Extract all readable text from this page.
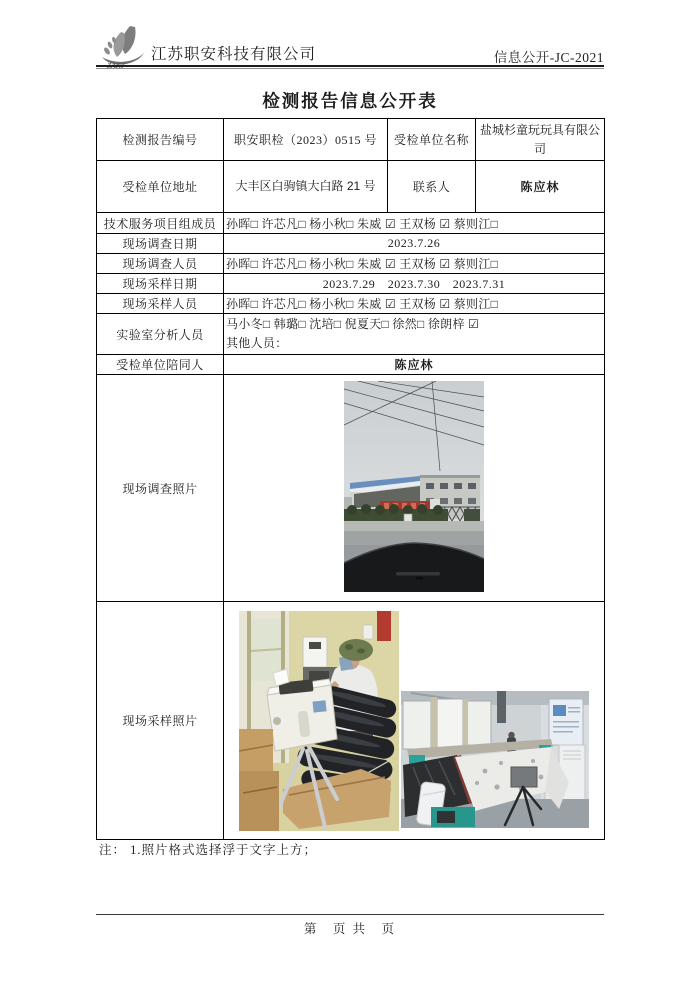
ZAKJ
江苏职安科技有限公司	信息公开-JC-2021
检测报告信息公开表
检测报告编号	职安职检（2023）0515 号	受检单位名称	盐城杉童玩玩具有限公司
受检单位地址	大丰区白驹镇大白路 21 号	联系人	陈应林
技术服务项目组成员	孙晖□ 许芯凡□ 杨小秋□ 朱威 ☑ 王双杨 ☑ 蔡则江□		
现场调查日期	2023.7.26		
现场调查人员	孙晖□ 许芯凡□ 杨小秋□ 朱威 ☑ 王双杨 ☑ 蔡则江□		
现场采样日期	2023.7.29　2023.7.30　2023.7.31		
现场采样人员	孙晖□ 许芯凡□ 杨小秋□ 朱威 ☑ 王双杨 ☑ 蔡则江□		
实验室分析人员	马小冬□ 韩璐□ 沈培□ 倪夏天□ 徐然□ 徐朗梓 ☑
其他人员：		

受检单位陪同人	陈应林		
现场调查照片	
现场采样照片	
注： 1.照片格式选择浮于文字上方；
第　页 共　页
